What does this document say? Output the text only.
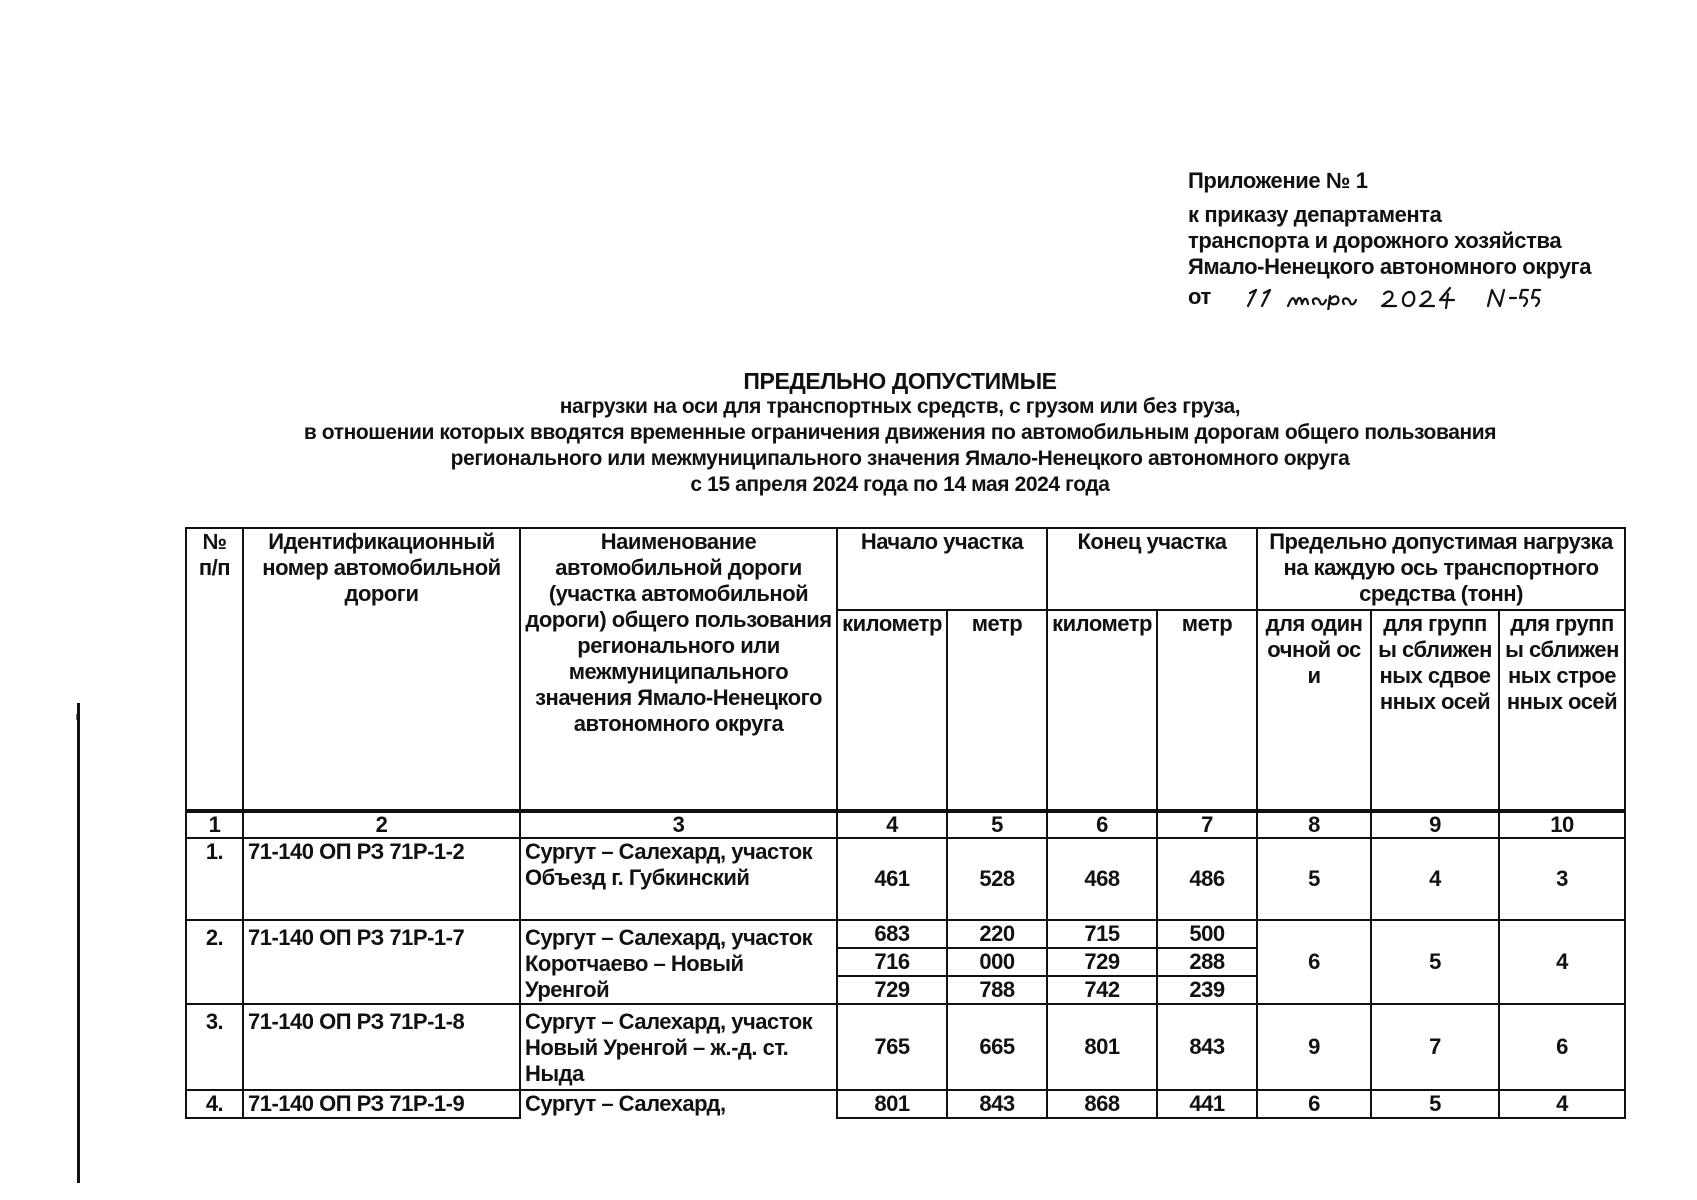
Приложение № 1
к приказу департамента
транспорта и дорожного хозяйства
Ямало-Ненецкого автономного округа
от
ПРЕДЕЛЬНО ДОПУСТИМЫЕ
нагрузки на оси для транспортных средств, с грузом или без груза,
в отношении которых вводятся временные ограничения движения по автомобильным дорогам общего пользования
регионального или межмуниципального значения Ямало-Ненецкого автономного округа
с 15 апреля 2024 года по 14 мая 2024 года
№ п/п	Идентификационный номер автомобильной дороги	Наименование автомобильной дороги (участка автомобильной дороги) общего пользования регионального или межмуниципального значения Ямало-Ненецкого автономного округа	Начало участка		Конец участка		Предельно допустимая нагрузка на каждую ось транспортного средства (тонн)		
			километр	метр	километр	метр	для одиночной оси	для группы сближенных сдвоенных осей	для группы сближенных строенных осей
1	2	3	4	5	6	7	8	9	10
1.	71-140 ОП РЗ 71Р-1-2	Сургут – Салехард, участок Объезд г. Губкинский	461	528	468	486	5	4	3
2.	71-140 ОП РЗ 71Р-1-7	Сургут – Салехард, участок Коротчаево – Новый Уренгой	683	220	715	500	6	5	4
			716	000	729	288			
			729	788	742	239			
3.	71-140 ОП РЗ 71Р-1-8	Сургут – Салехард, участок Новый Уренгой – ж.-д. ст. Ныда	765	665	801	843	9	7	6
4.	71-140 ОП РЗ 71Р-1-9	Сургут – Салехард,	801	843	868	441	6	5	4
